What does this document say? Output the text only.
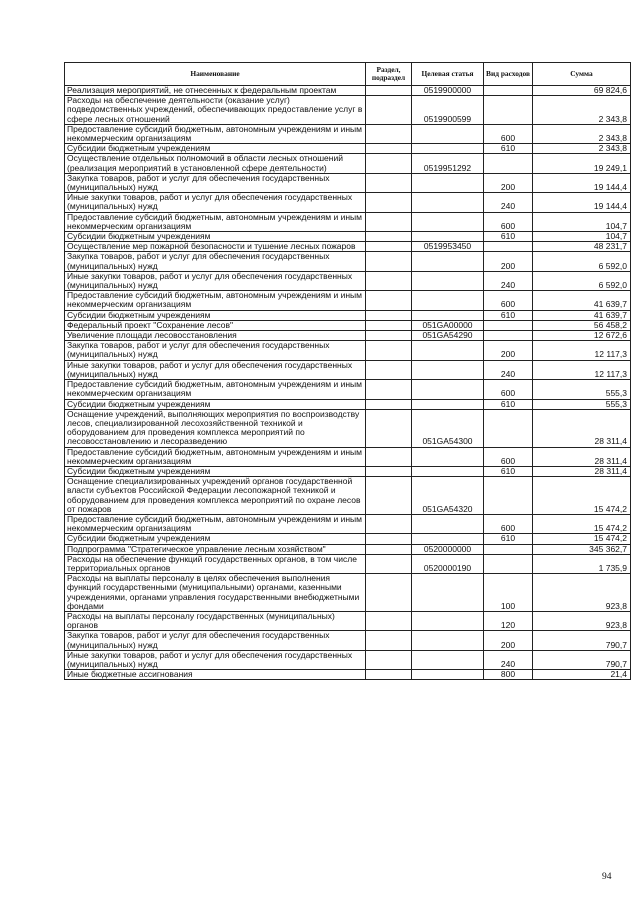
Наименование	Раздел, подраздел	Целевая статья	Вид расходов	Сумма
Реализация мероприятий, не отнесенных к федеральным проектам		0519900000		69 824,6
Расходы на обеспечение деятельности (оказание услуг) подведомственных учреждений, обеспечивающих предоставление услуг в сфере лесных отношений		0519900599		2 343,8
Предоставление субсидий бюджетным, автономным учреждениям и иным некоммерческим организациям			600	2 343,8
Субсидии бюджетным учреждениям			610	2 343,8
Осуществление отдельных полномочий в области лесных отношений (реализация мероприятий в установленной сфере деятельности)		0519951292		19 249,1
Закупка товаров, работ и услуг для обеспечения государственных (муниципальных) нужд			200	19 144,4
Иные закупки товаров, работ и услуг для обеспечения государственных (муниципальных) нужд			240	19 144,4
Предоставление субсидий бюджетным, автономным учреждениям и иным некоммерческим организациям			600	104,7
Субсидии бюджетным учреждениям			610	104,7
Осуществление мер пожарной безопасности и тушение лесных пожаров		0519953450		48 231,7
Закупка товаров, работ и услуг для обеспечения государственных (муниципальных) нужд			200	6 592,0
Иные закупки товаров, работ и услуг для обеспечения государственных (муниципальных) нужд			240	6 592,0
Предоставление субсидий бюджетным, автономным учреждениям и иным некоммерческим организациям			600	41 639,7
Субсидии бюджетным учреждениям			610	41 639,7
Федеральный проект "Сохранение лесов"		051GA00000		56 458,2
Увеличение площади лесовосстановления		051GA54290		12 672,6
Закупка товаров, работ и услуг для обеспечения государственных (муниципальных) нужд			200	12 117,3
Иные закупки товаров, работ и услуг для обеспечения государственных (муниципальных) нужд			240	12 117,3
Предоставление субсидий бюджетным, автономным учреждениям и иным некоммерческим организациям			600	555,3
Субсидии бюджетным учреждениям			610	555,3
Оснащение учреждений, выполняющих мероприятия по воспроизводству лесов, специализированной лесохозяйственной техникой и оборудованием для проведения комплекса мероприятий по лесовосстановлению и лесоразведению		051GA54300		28 311,4
Предоставление субсидий бюджетным, автономным учреждениям и иным некоммерческим организациям			600	28 311,4
Субсидии бюджетным учреждениям			610	28 311,4
Оснащение специализированных учреждений органов государственной власти субъектов Российской Федерации лесопожарной техникой и оборудованием для проведения комплекса мероприятий по охране лесов от пожаров		051GA54320		15 474,2
Предоставление субсидий бюджетным, автономным учреждениям и иным некоммерческим организациям			600	15 474,2
Субсидии бюджетным учреждениям			610	15 474,2
Подпрограмма "Стратегическое управление лесным хозяйством"		0520000000		345 362,7
Расходы на обеспечение функций государственных органов, в том числе территориальных органов		0520000190		1 735,9
Расходы на выплаты персоналу в целях обеспечения выполнения функций государственными (муниципальными) органами, казенными учреждениями, органами управления государственными внебюджетными фондами			100	923,8
Расходы на выплаты персоналу государственных (муниципальных) органов			120	923,8
Закупка товаров, работ и услуг для обеспечения государственных (муниципальных) нужд			200	790,7
Иные закупки товаров, работ и услуг для обеспечения государственных (муниципальных) нужд			240	790,7
Иные бюджетные ассигнования			800	21,4
94
